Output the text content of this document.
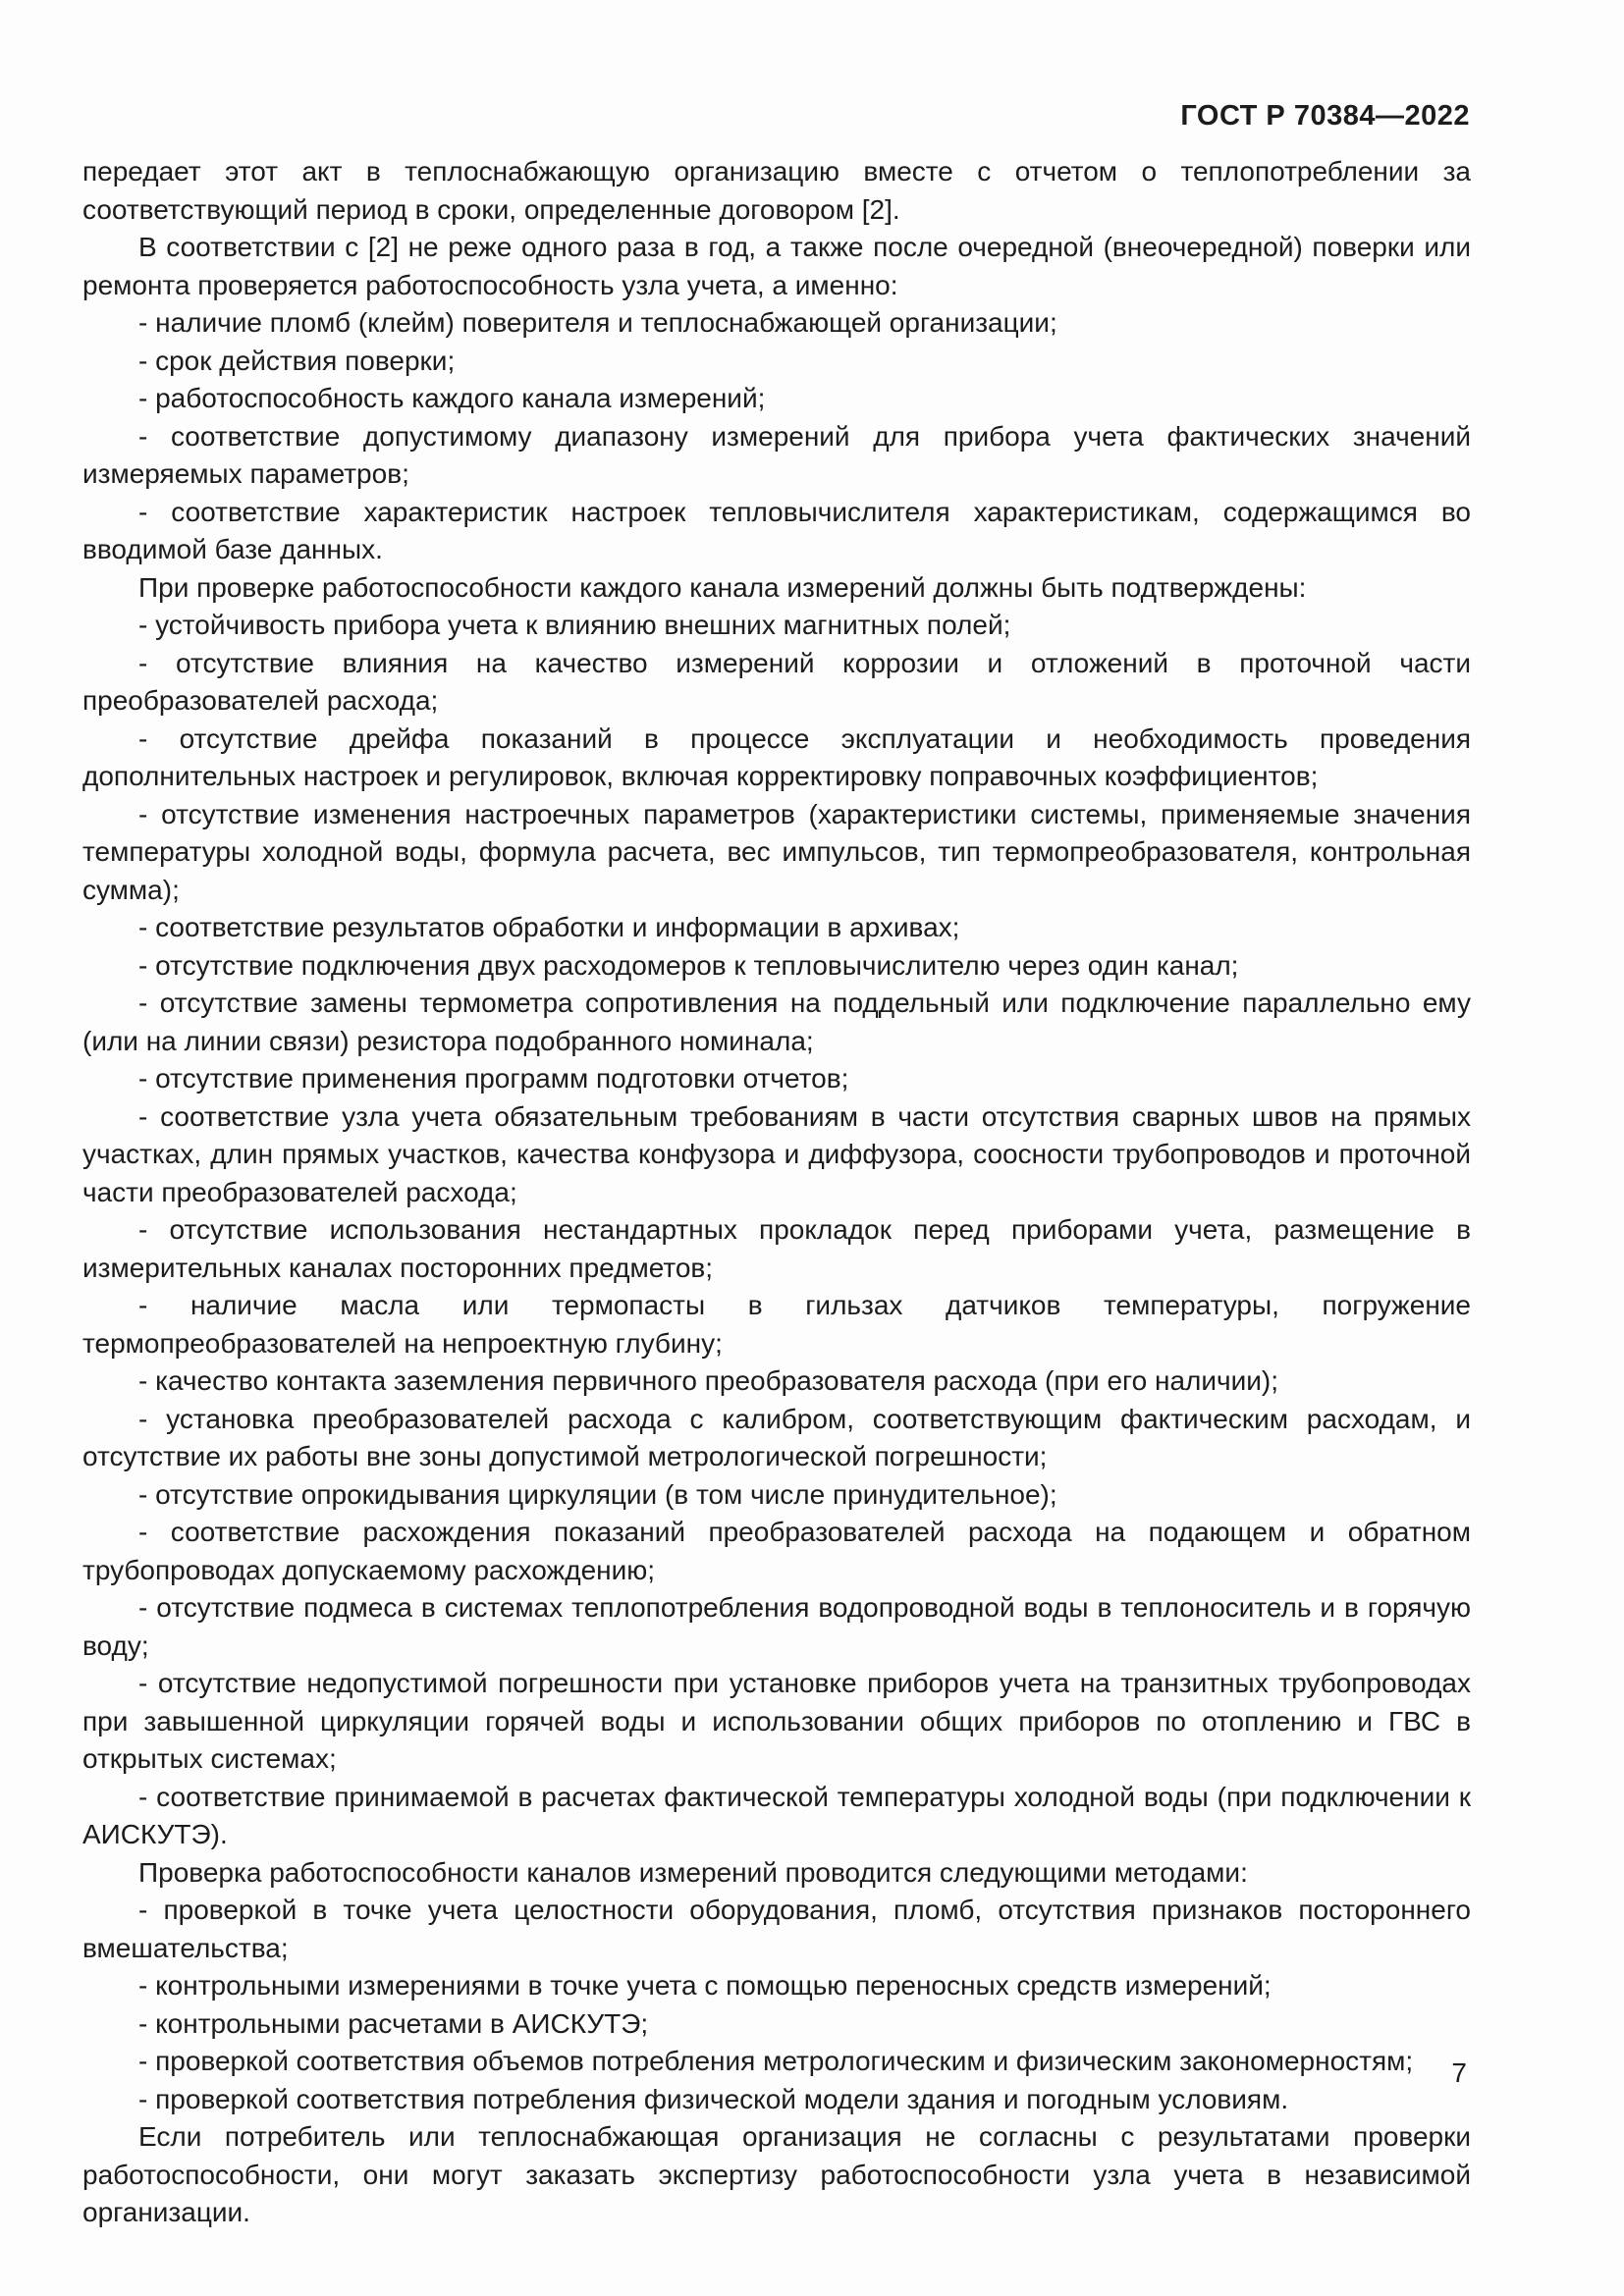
ГОСТ Р 70384—2022

передает этот акт в теплоснабжающую организацию вместе с отчетом о теплопотреблении за соответствующий период в сроки, определенные договором [2].

В соответствии с [2] не реже одного раза в год, а также после очередной (внеочередной) поверки или ремонта проверяется работоспособность узла учета, а именно:

- наличие пломб (клейм) поверителя и теплоснабжающей организации;

- срок действия поверки;

- работоспособность каждого канала измерений;

- соответствие допустимому диапазону измерений для прибора учета фактических значений измеряемых параметров;

- соответствие характеристик настроек тепловычислителя характеристикам, содержащимся во вводимой базе данных.

При проверке работоспособности каждого канала измерений должны быть подтверждены:

- устойчивость прибора учета к влиянию внешних магнитных полей;

- отсутствие влияния на качество измерений коррозии и отложений в проточной части преобразователей расхода;

- отсутствие дрейфа показаний в процессе эксплуатации и необходимость проведения дополнительных настроек и регулировок, включая корректировку поправочных коэффициентов;

- отсутствие изменения настроечных параметров (характеристики системы, применяемые значения температуры холодной воды, формула расчета, вес импульсов, тип термопреобразователя, контрольная сумма);

- соответствие результатов обработки и информации в архивах;

- отсутствие подключения двух расходомеров к тепловычислителю через один канал;

- отсутствие замены термометра сопротивления на поддельный или подключение параллельно ему (или на линии связи) резистора подобранного номинала;

- отсутствие применения программ подготовки отчетов;

- соответствие узла учета обязательным требованиям в части отсутствия сварных швов на прямых участках, длин прямых участков, качества конфузора и диффузора, соосности трубопроводов и проточной части преобразователей расхода;

- отсутствие использования нестандартных прокладок перед приборами учета, размещение в измерительных каналах посторонних предметов;

- наличие масла или термопасты в гильзах датчиков температуры, погружение термопреобразователей на непроектную глубину;

- качество контакта заземления первичного преобразователя расхода (при его наличии);

- установка преобразователей расхода с калибром, соответствующим фактическим расходам, и отсутствие их работы вне зоны допустимой метрологической погрешности;

- отсутствие опрокидывания циркуляции (в том числе принудительное);

- соответствие расхождения показаний преобразователей расхода на подающем и обратном трубопроводах допускаемому расхождению;

- отсутствие подмеса в системах теплопотребления водопроводной воды в теплоноситель и в горячую воду;

- отсутствие недопустимой погрешности при установке приборов учета на транзитных трубопроводах при завышенной циркуляции горячей воды и использовании общих приборов по отоплению и ГВС в открытых системах;

- соответствие принимаемой в расчетах фактической температуры холодной воды (при подключении к АИСКУТЭ).

Проверка работоспособности каналов измерений проводится следующими методами:

- проверкой в точке учета целостности оборудования, пломб, отсутствия признаков постороннего вмешательства;

- контрольными измерениями в точке учета с помощью переносных средств измерений;

- контрольными расчетами в АИСКУТЭ;

- проверкой соответствия объемов потребления метрологическим и физическим закономерностям;

- проверкой соответствия потребления физической модели здания и погодным условиям.

Если потребитель или теплоснабжающая организация не согласны с результатами проверки работоспособности, они могут заказать экспертизу работоспособности узла учета в независимой организации.

7
